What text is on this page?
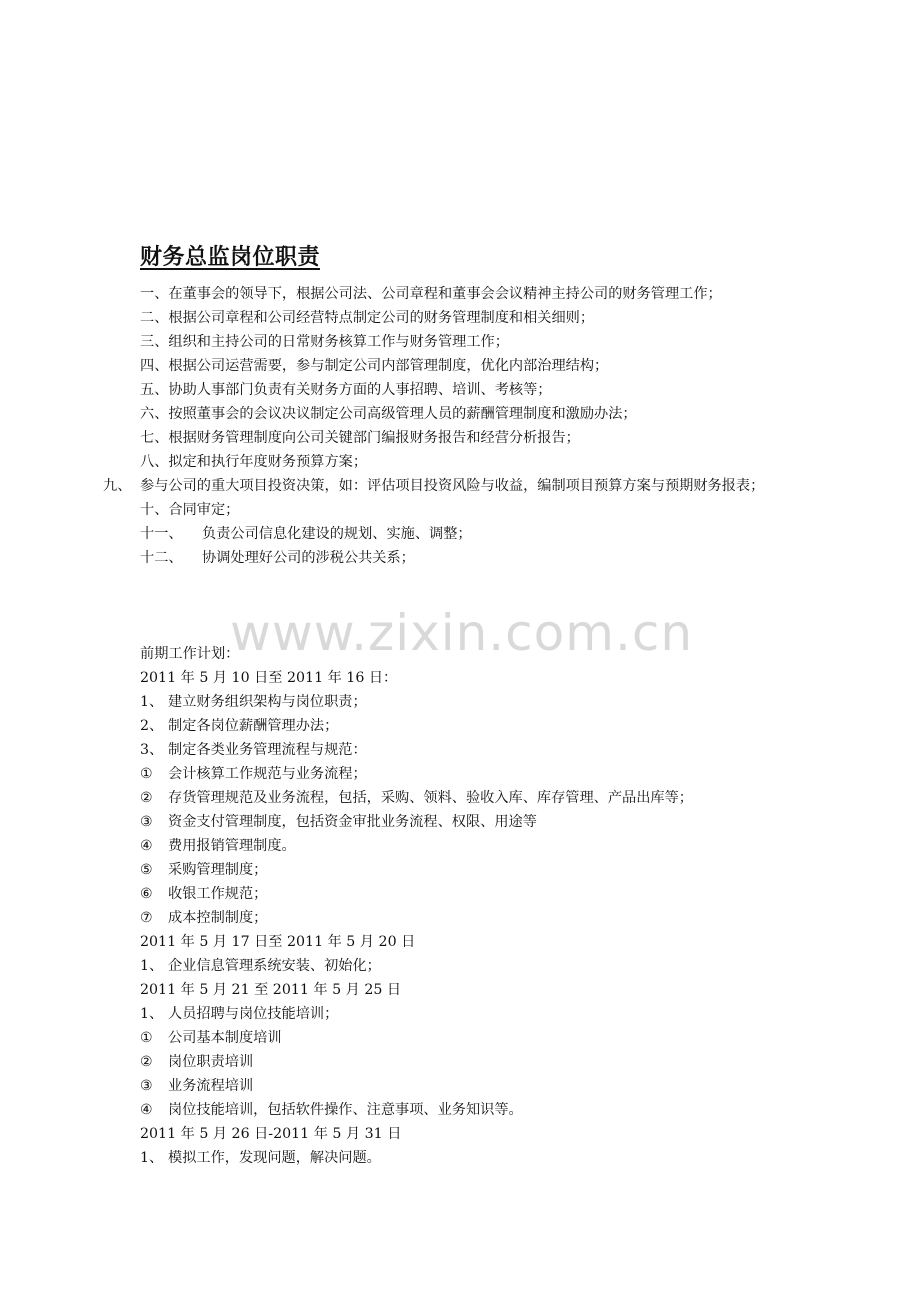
财务总监岗位职责
一、在董事会的领导下，根据公司法、公司章程和董事会会议精神主持公司的财务管理工作；
二、根据公司章程和公司经营特点制定公司的财务管理制度和相关细则；
三、组织和主持公司的日常财务核算工作与财务管理工作；
四、根据公司运营需要，参与制定公司内部管理制度，优化内部治理结构；
五、协助人事部门负责有关财务方面的人事招聘、培训、考核等；
六、按照董事会的会议决议制定公司高级管理人员的薪酬管理制度和激励办法；
七、根据财务管理制度向公司关键部门编报财务报告和经营分析报告；
八、拟定和执行年度财务预算方案；
九、 参与公司的重大项目投资决策，如：评估项目投资风险与收益，编制项目预算方案与预期财务报表；
十、合同审定；
十一、 负责公司信息化建设的规划、实施、调整；
十二、 协调处理好公司的涉税公共关系；
前期工作计划：
2011 年 5 月 10 日至 2011 年 16 日：
1、 建立财务组织架构与岗位职责；
2、 制定各岗位薪酬管理办法；
3、 制定各类业务管理流程与规范：
① 会计核算工作规范与业务流程；
② 存货管理规范及业务流程，包括，采购、领料、验收入库、库存管理、产品出库等；
③ 资金支付管理制度，包括资金审批业务流程、权限、用途等
④ 费用报销管理制度。
⑤ 采购管理制度；
⑥ 收银工作规范；
⑦ 成本控制制度；
2011 年 5 月 17 日至 2011 年 5 月 20 日
1、 企业信息管理系统安装、初始化；
2011 年 5 月 21 至 2011 年 5 月 25 日
1、 人员招聘与岗位技能培训；
① 公司基本制度培训
② 岗位职责培训
③ 业务流程培训
④ 岗位技能培训，包括软件操作、注意事项、业务知识等。
2011 年 5 月 26 日-2011 年 5 月 31 日
1、 模拟工作，发现问题，解决问题。
www.zixin.com.cn
